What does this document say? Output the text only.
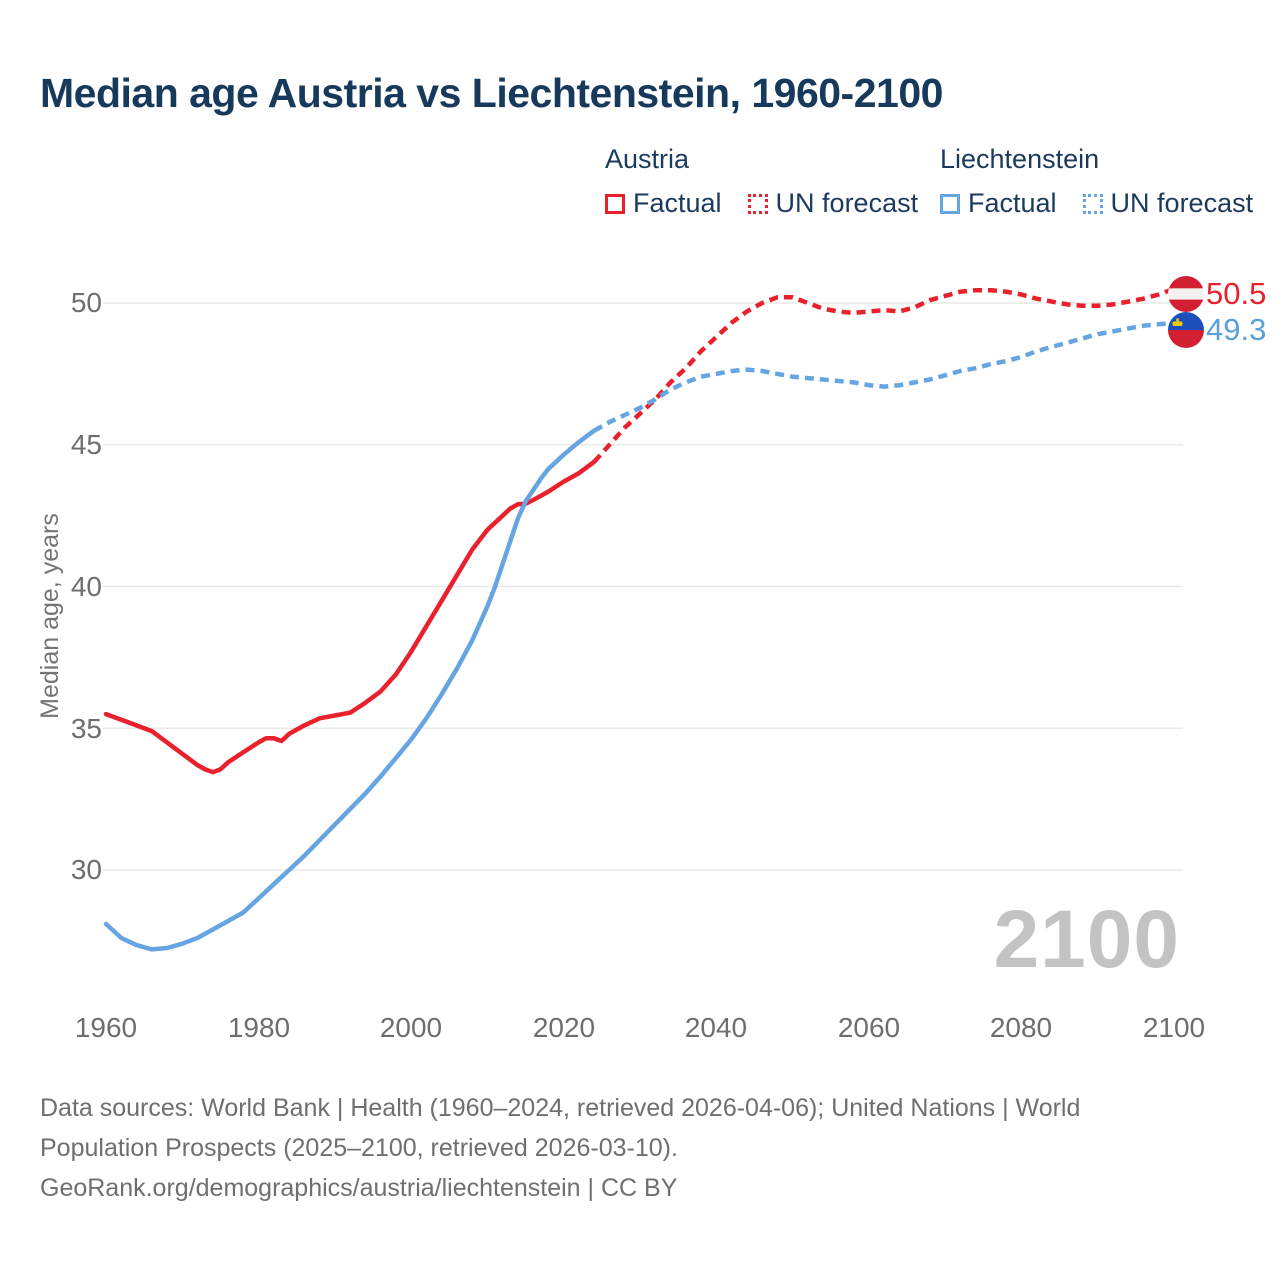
Median age Austria vs Liechtenstein, 1960-2100
Austria
Factual UN forecast
Liechtenstein
Factual UN forecast
Median age, years
50
45
40
35
30
1960	1980	2000	2020	2040	2060	2080	2100
2100
50.5
49.3
Data sources: World Bank | Health (1960–2024, retrieved 2026-04-06); United Nations | World
Population Prospects (2025–2100, retrieved 2026-03-10).
GeoRank.org/demographics/austria/liechtenstein | CC BY
